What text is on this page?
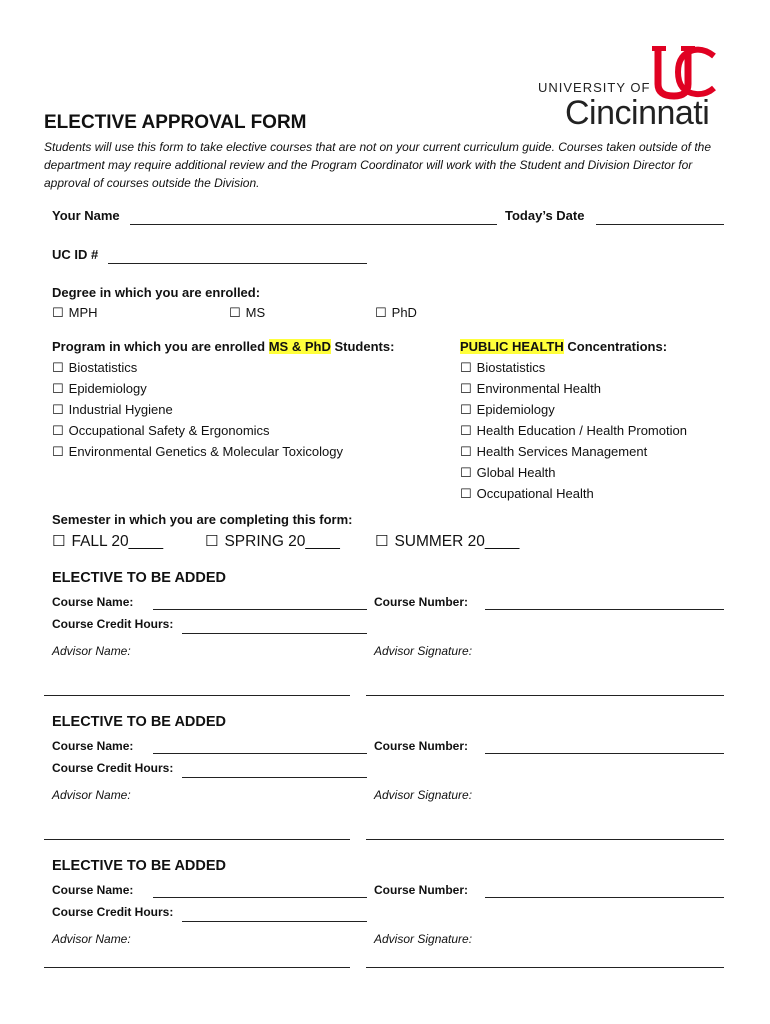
UNIVERSITY OF
Cincinnati
ELECTIVE APPROVAL FORM
Students will use this form to take elective courses that are not on your current curriculum guide. Courses taken outside of the department may require additional review and the Program Coordinator will work with the Student and Division Director for approval of courses outside the Division.
Your Name	Today’s Date
UC ID #
Degree in which you are enrolled:
☐ MPH	☐ MS	☐ PhD
Program in which you are enrolled MS & PhD Students:
☐ Biostatistics
☐ Epidemiology
☐ Industrial Hygiene
☐ Occupational Safety & Ergonomics
☐ Environmental Genetics & Molecular Toxicology
PUBLIC HEALTH Concentrations:
☐ Biostatistics
☐ Environmental Health
☐ Epidemiology
☐ Health Education / Health Promotion
☐ Health Services Management
☐ Global Health
☐ Occupational Health
Semester in which you are completing this form:
☐ FALL 20____	☐ SPRING 20____ ☐ SUMMER 20____
ELECTIVE TO BE ADDED
Course Name:	Course Number:
Course Credit Hours:
Advisor Name:	Advisor Signature:
ELECTIVE TO BE ADDED
Course Name:	Course Number:
Course Credit Hours:
Advisor Name:	Advisor Signature:
ELECTIVE TO BE ADDED
Course Name:	Course Number:
Course Credit Hours:
Advisor Name:	Advisor Signature:
